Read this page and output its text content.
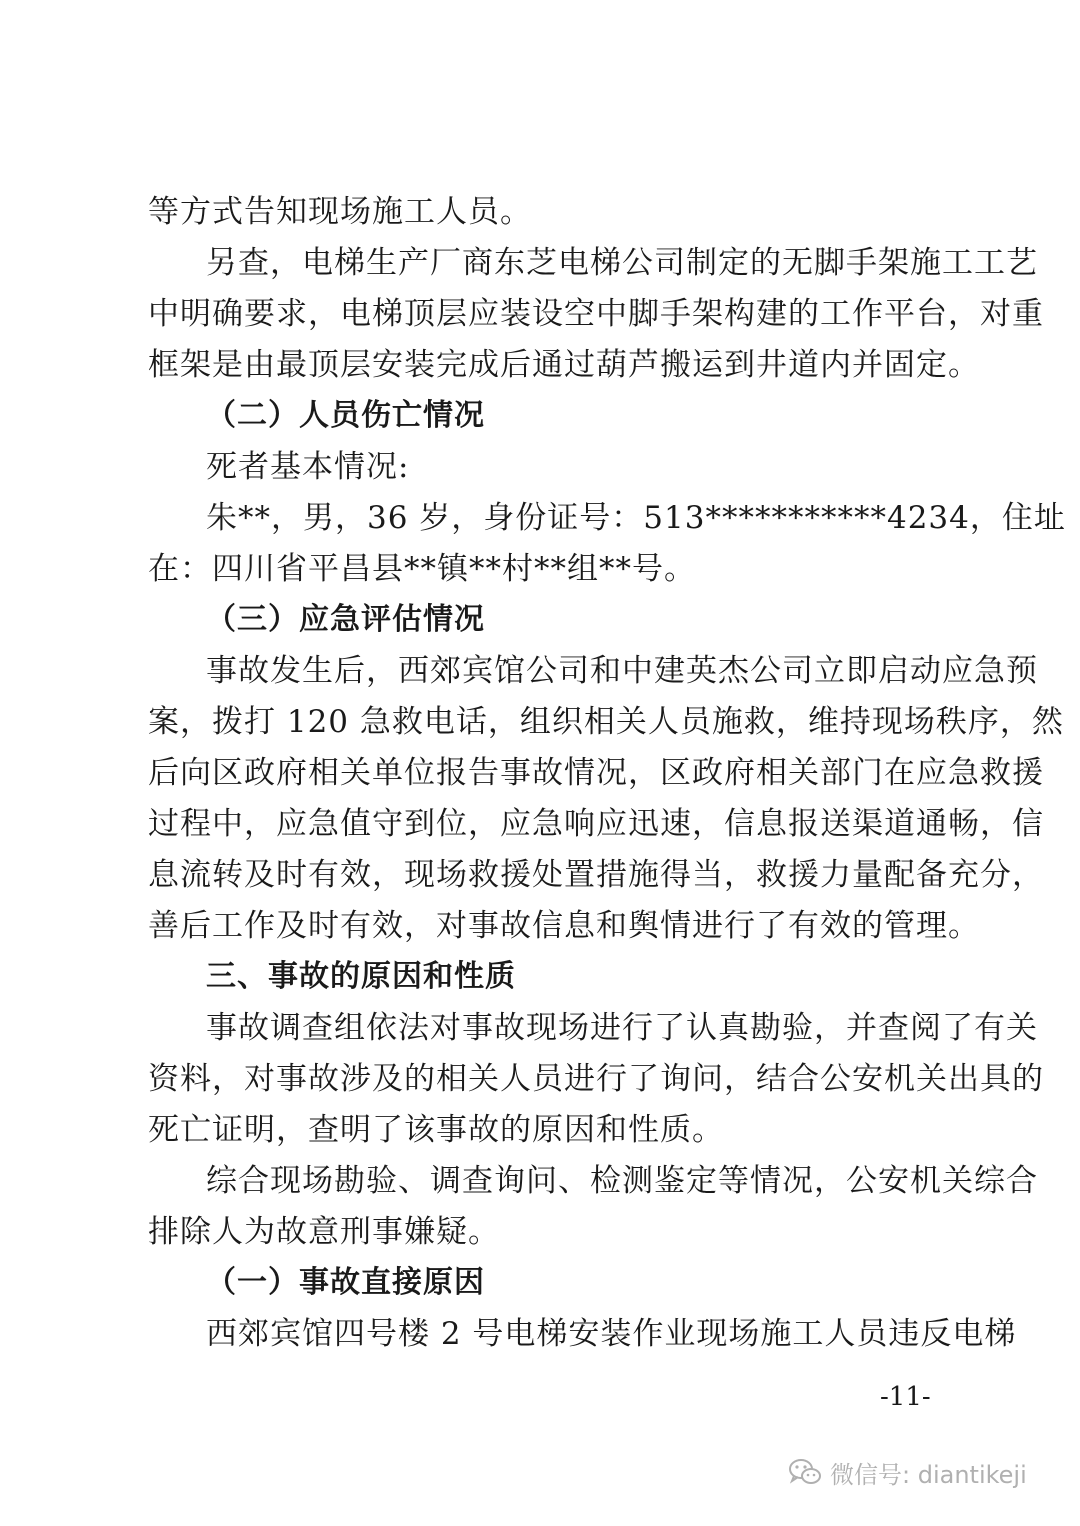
等方式告知现场施工人员。
另查，电梯生产厂商东芝电梯公司制定的无脚手架施工工艺
中明确要求，电梯顶层应装设空中脚手架构建的工作平台，对重
框架是由最顶层安装完成后通过葫芦搬运到井道内并固定。
（二）人员伤亡情况
死者基本情况:
朱**，男，36 岁，身份证号：513***********4234，住址
在：四川省平昌县**镇**村**组**号。
（三）应急评估情况
事故发生后，西郊宾馆公司和中建英杰公司立即启动应急预
案，拨打 120 急救电话，组织相关人员施救，维持现场秩序，然
后向区政府相关单位报告事故情况，区政府相关部门在应急救援
过程中，应急值守到位，应急响应迅速，信息报送渠道通畅，信
息流转及时有效，现场救援处置措施得当，救援力量配备充分，
善后工作及时有效，对事故信息和舆情进行了有效的管理。
三、事故的原因和性质
事故调查组依法对事故现场进行了认真勘验，并查阅了有关
资料，对事故涉及的相关人员进行了询问，结合公安机关出具的
死亡证明，查明了该事故的原因和性质。
综合现场勘验、调查询问、检测鉴定等情况，公安机关综合
排除人为故意刑事嫌疑。
（一）事故直接原因
西郊宾馆四号楼 2 号电梯安装作业现场施工人员违反电梯
-11-
微信号: diantikeji
